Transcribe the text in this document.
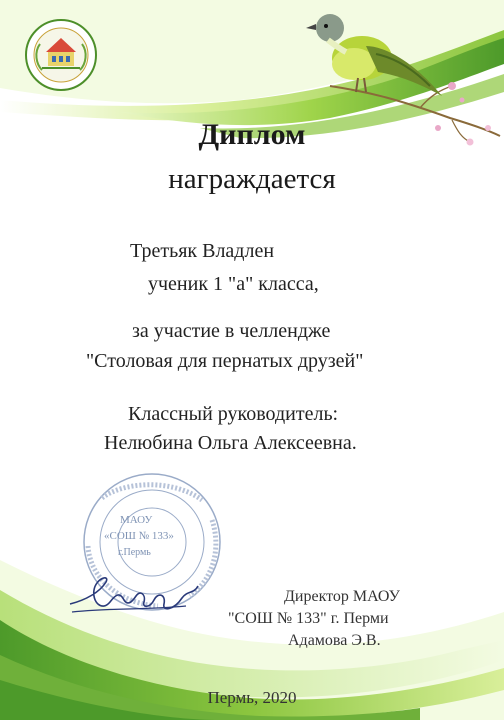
МАОУ
«СОШ № 133»
г.Пермь
Диплом
награждается
Третьяк Владлен
ученик 1 "а" класса,
за участие в челлендже
"Столовая для пернатых друзей"
Классный руководитель:
Нелюбина Ольга Алексеевна.
Директор МАОУ
"СОШ № 133" г. Перми
Адамова Э.В.
Пермь, 2020
